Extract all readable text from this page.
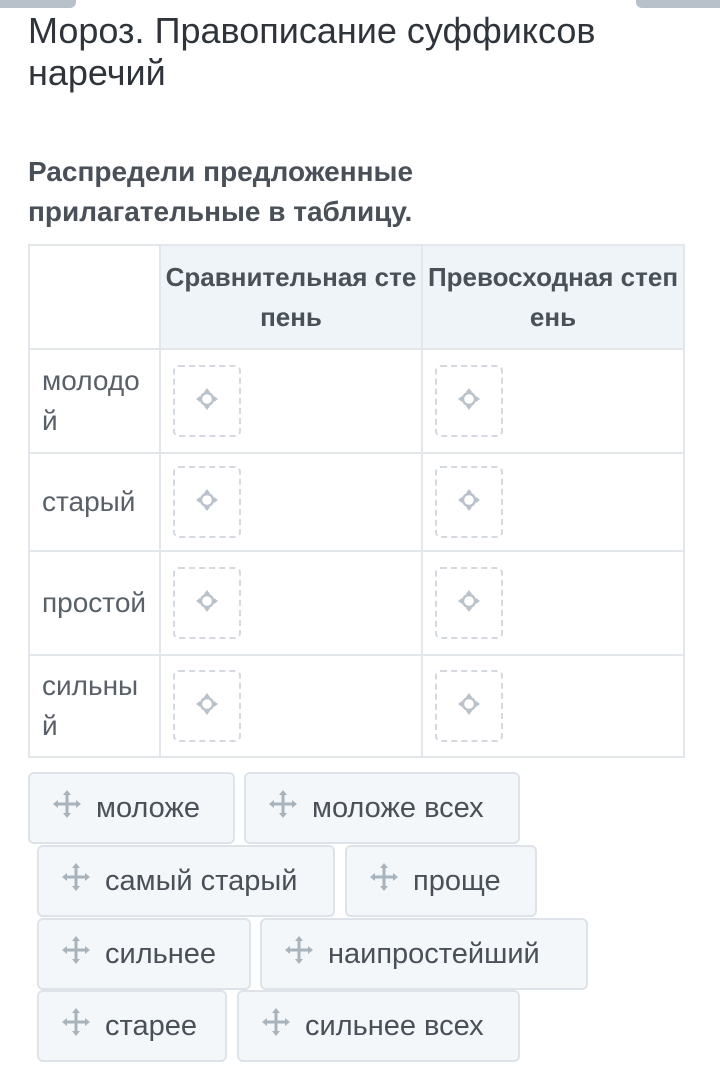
Мороз. Правописание суффиксов наречий
Распредели предложенные прилагательные в таблицу.
	Сравнительная степень	Превосходная степень
молодой	

старый	

простой	

сильный	

моложе	моложе всех
самый старый	проще
сильнее	наипростейший
старее	сильнее всех
